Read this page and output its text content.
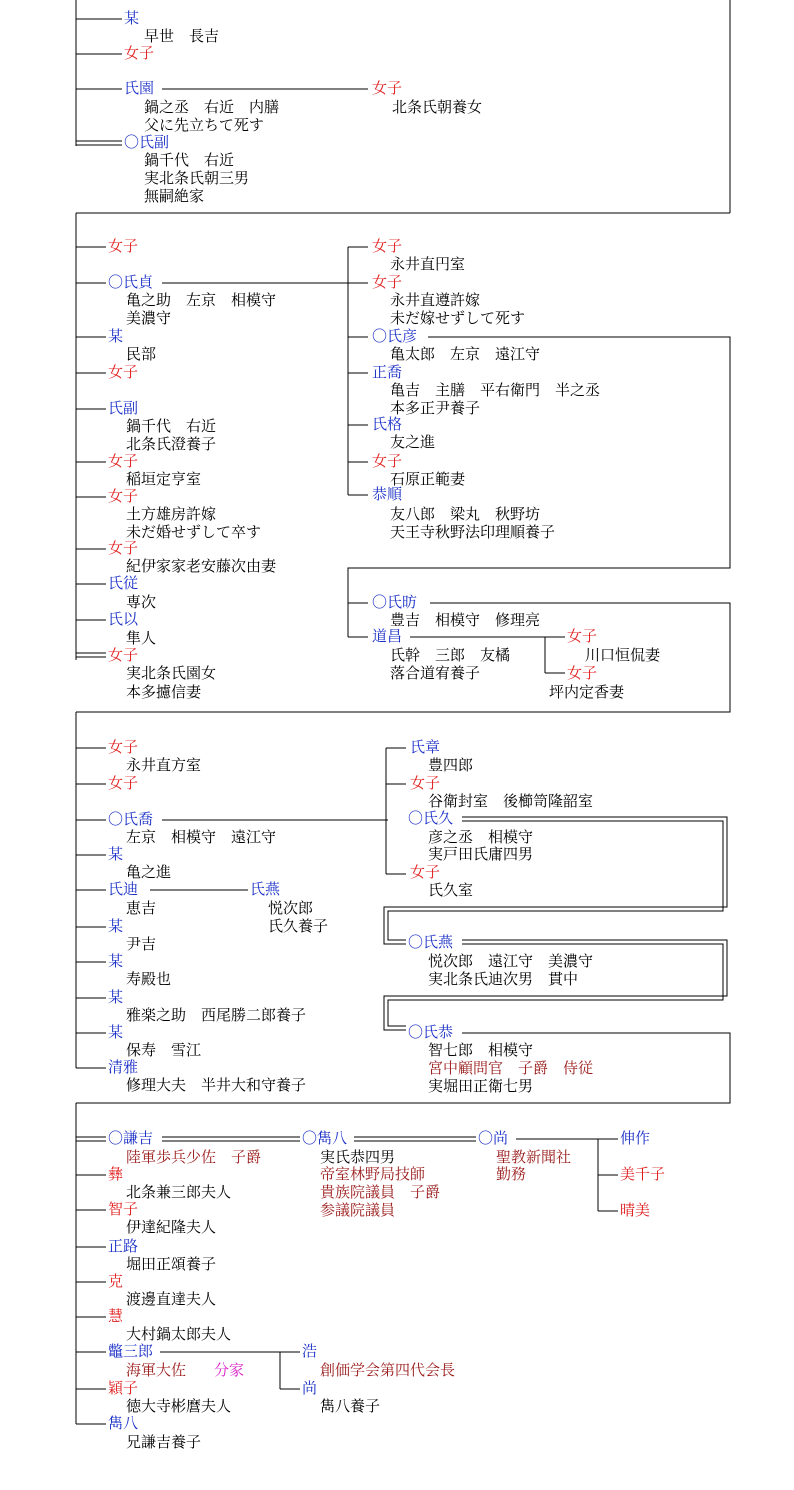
某
早世　長吉
女子
氏園
鍋之丞　右近　内膳
父に先立ちて死す
女子
北条氏朝養女
〇氏副
鍋千代　右近
実北条氏朝三男
無嗣絶家
女子
〇氏貞
亀之助　左京　相模守
美濃守
某
民部
女子
氏副
鍋千代　右近
北条氏澄養子
女子
稲垣定亨室
女子
土方雄房許嫁
未だ婚せずして卒す
女子
紀伊家家老安藤次由妻
氏従
専次
氏以
隼人
女子
実北条氏園女
本多攄信妻
女子
永井直円室
女子
永井直遵許嫁
未だ嫁せずして死す
〇氏彦
亀太郎　左京　遠江守
正喬
亀吉　主膳　平右衛門　半之丞
本多正尹養子
氏格
友之進
女子
石原正範妻
恭順
友八郎　梁丸　秋野坊
天王寺秋野法印理順養子
〇氏昉
豊吉　相模守　修理亮
道昌
氏幹　三郎　友橘
落合道宥養子
女子
川口恒侃妻
女子
坪内定香妻
女子
永井直方室
女子
〇氏喬
左京　相模守　遠江守
某
亀之進
氏迪
恵吉
氏燕
悦次郎
氏久養子
某
尹吉
某
寿殿也
某
雅楽之助　西尾勝二郎養子
某
保寿　雪江
清雅
修理大夫　半井大和守養子
氏章
豊四郎
女子
谷衛封室　後櫛笥隆韶室
〇氏久
彦之丞　相模守
実戸田氏庸四男
女子
氏久室
〇氏燕
悦次郎　遠江守　美濃守
実北条氏迪次男　貫中
〇氏恭
智七郎　相模守
宮中顧問官　子爵　侍従
実堀田正衛七男
〇謙吉
陸軍歩兵少佐　子爵
彝
北条兼三郎夫人
智子
伊達紀隆夫人
正路
堀田正頌養子
克
渡邊直達夫人
慧
大村鍋太郎夫人
鼈三郎
海軍大佐 分家
穎子
徳大寺彬麿夫人
雋八
兄謙吉養子
〇雋八
実氏恭四男
帝室林野局技師
貴族院議員　子爵
参議院議員
〇尚
聖教新聞社
勤務
伸作
美千子
晴美
浩
創価学会第四代会長
尚
雋八養子
